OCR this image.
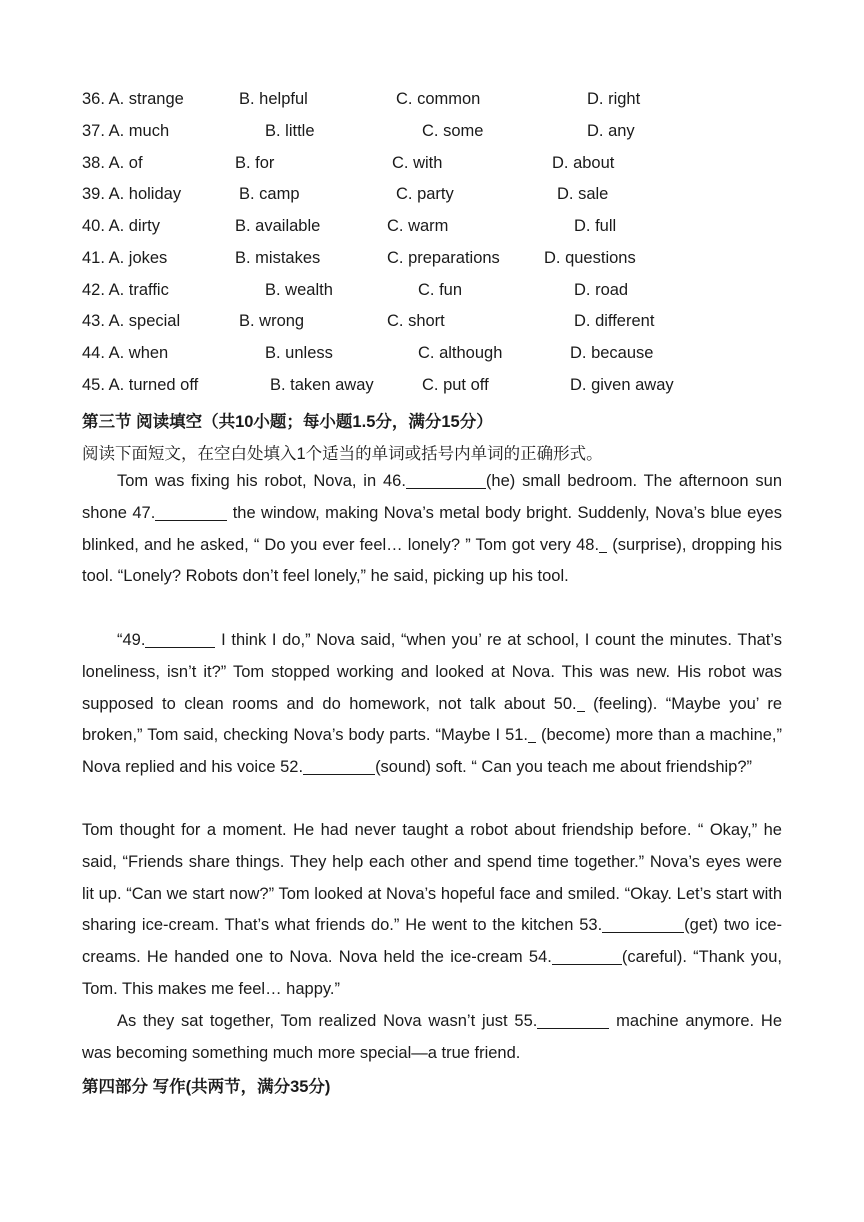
36. A. strange	B. helpful	C. common	D. right
37. A. much	B. little	C. some	D. any
38. A. of	B. for	C. with	D. about
39. A. holiday	B. camp	C. party	D. sale
40. A. dirty	B. available	C. warm	D. full
41. A. jokes	B. mistakes	C. preparations	D. questions
42. A. traffic	B. wealth	C. fun	D. road
43. A. special	B. wrong	C. short	D. different
44. A. when	B. unless	C. although	D. because
45. A. turned off	B. taken away	C. put off	D. given away
第三节 阅读填空（共10小题；每小题1.5分，满分15分）
阅读下面短文，在空白处填入1个适当的单词或括号内单词的正确形式。

Tom was fixing his robot, Nova, in 46.	(he) small bedroom. The afternoon sun shone 47.	the window, making Nova’s metal body bright. Suddenly, Nova’s blue eyes blinked, and he asked, “ Do you ever feel… lonely? ” Tom got very 48. (surprise), dropping his tool. “Lonely? Robots don’t feel lonely,” he said, picking up his tool.

“49.	I think I do,” Nova said, “when you’ re at school, I count the minutes. That’s loneliness, isn’t it?” Tom stopped working and looked at Nova. This was new. His robot was supposed to clean rooms and do homework, not talk about 50. (feeling). “Maybe you’ re broken,” Tom said, checking Nova’s body parts. “Maybe I 51. (become) more than a machine,” Nova replied and his voice 52.	(sound) soft. “ Can you teach me about friendship?”

Tom thought for a moment. He had never taught a robot about friendship before. “ Okay,” he said, “Friends share things. They help each other and spend time together.” Nova’s eyes were lit up. “Can we start now?” Tom looked at Nova’s hopeful face and smiled. “Okay. Let’s start with sharing ice-cream. That’s what friends do.” He went to the kitchen 53.	(get) two ice-creams. He handed one to Nova. Nova held the ice-cream 54.	(careful). “Thank you, Tom. This makes me feel… happy.”

As they sat together, Tom realized Nova wasn’t just 55.	machine anymore. He was becoming something much more special—a true friend.

第四部分 写作(共两节，满分35分)
